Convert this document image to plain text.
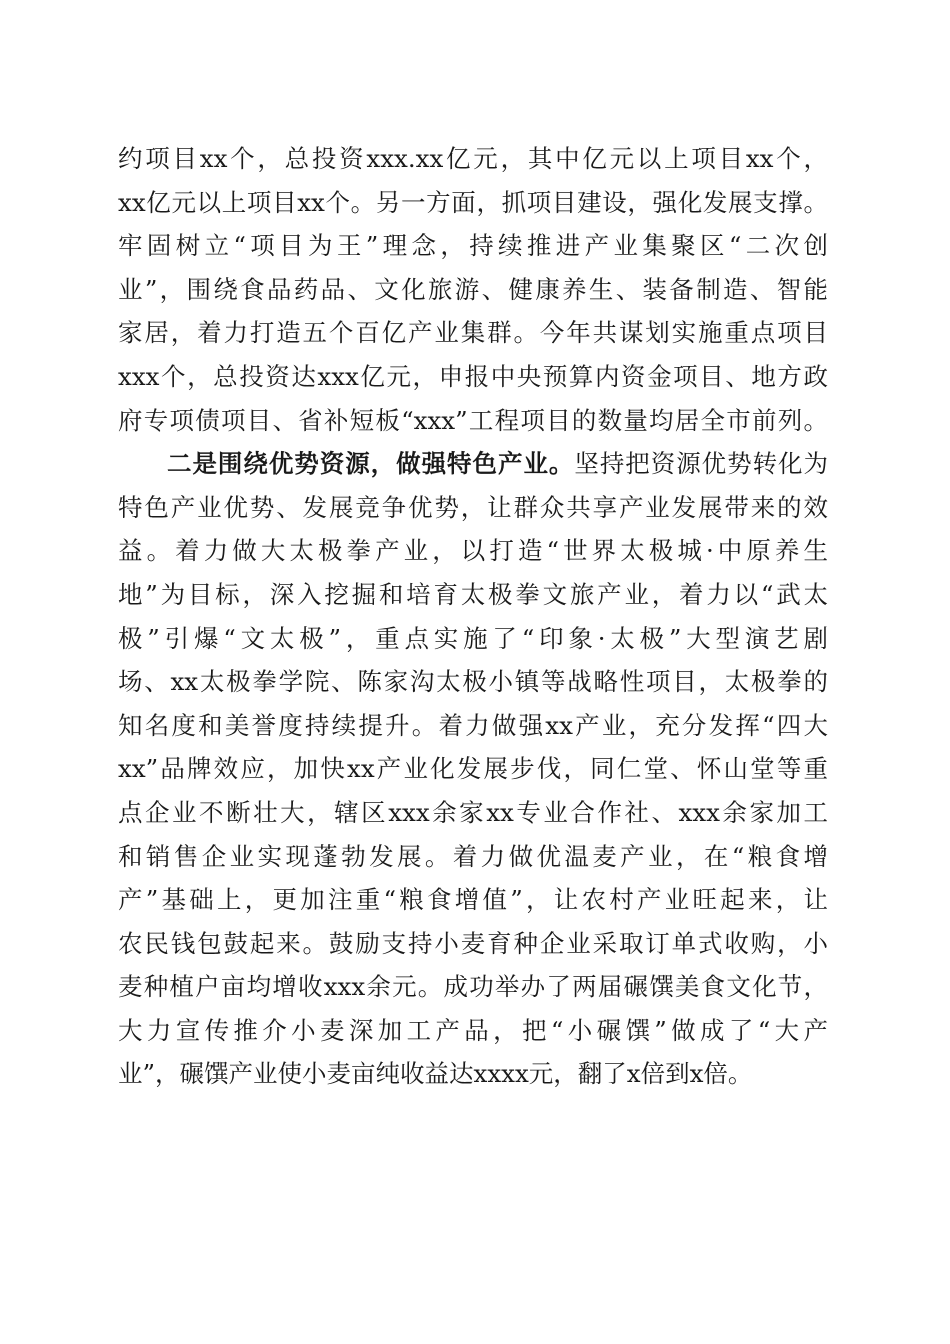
约项目xx个，总投资xxx.xx亿元，其中亿元以上项目xx个，
xx亿元以上项目xx个。另一方面，抓项目建设，强化发展支撑。
牢固树立“项目为王”理念，持续推进产业集聚区“二次创
业”，围绕食品药品、文化旅游、健康养生、装备制造、智能
家居，着力打造五个百亿产业集群。今年共谋划实施重点项目
xxx个，总投资达xxx亿元，申报中央预算内资金项目、地方政
府专项债项目、省补短板“xxx”工程项目的数量均居全市前列。
二是围绕优势资源，做强特色产业。坚持把资源优势转化为
特色产业优势、发展竞争优势，让群众共享产业发展带来的效
益。着力做大太极拳产业，以打造“世界太极城·中原养生
地”为目标，深入挖掘和培育太极拳文旅产业，着力以“武太
极”引爆“文太极”，重点实施了“印象·太极”大型演艺剧
场、xx太极拳学院、陈家沟太极小镇等战略性项目，太极拳的
知名度和美誉度持续提升。着力做强xx产业，充分发挥“四大
xx”品牌效应，加快xx产业化发展步伐，同仁堂、怀山堂等重
点企业不断壮大，辖区xxx余家xx专业合作社、xxx余家加工
和销售企业实现蓬勃发展。着力做优温麦产业，在“粮食增
产”基础上，更加注重“粮食增值”，让农村产业旺起来，让
农民钱包鼓起来。鼓励支持小麦育种企业采取订单式收购，小
麦种植户亩均增收xxx余元。成功举办了两届碾馔美食文化节，
大力宣传推介小麦深加工产品，把“小碾馔”做成了“大产
业”，碾馔产业使小麦亩纯收益达xxxx元，翻了x倍到x倍。
